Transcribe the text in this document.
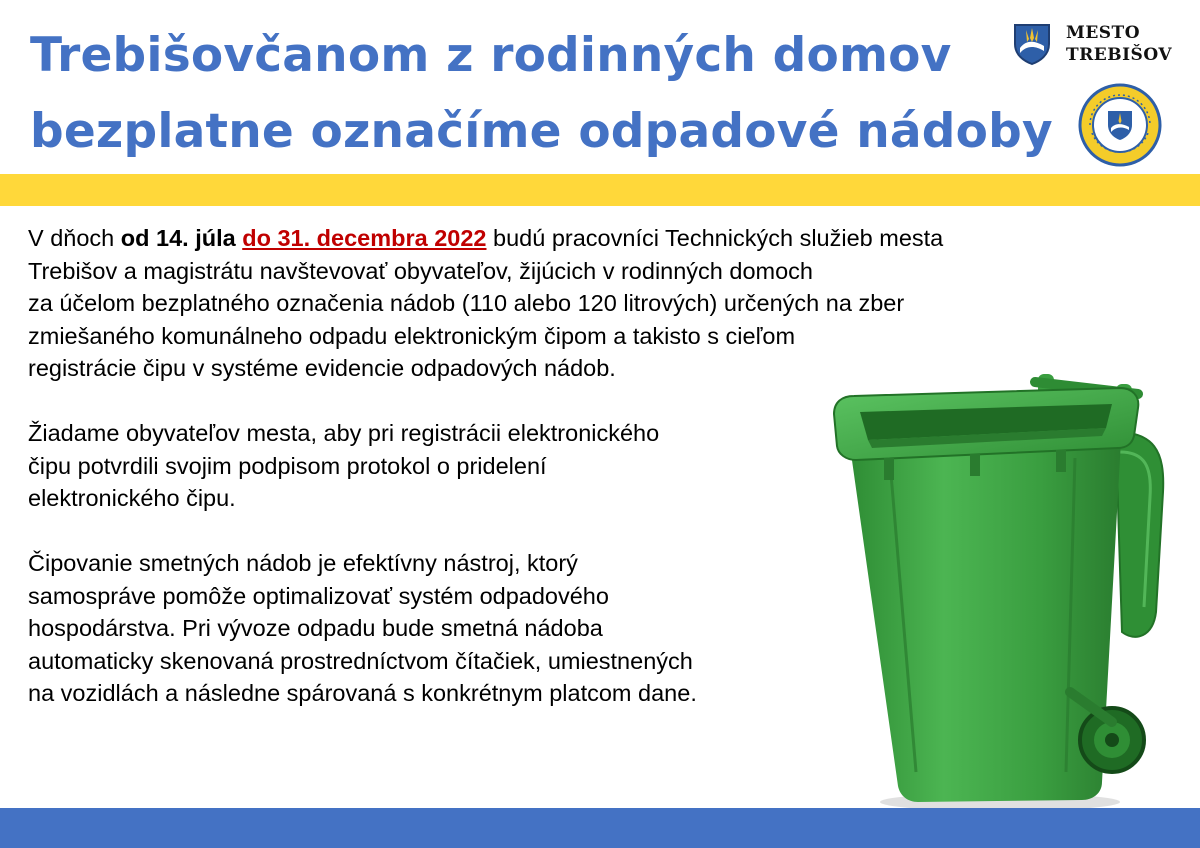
Trebišovčanom z rodinných domov
bezplatne označíme odpadové nádoby
MESTO
TREBIŠOV

V dňoch od 14. júla do 31. decembra 2022 budú pracovníci Technických služieb mesta
Trebišov a magistrátu navštevovať obyvateľov, žijúcich v rodinných domoch
za účelom bezplatného označenia nádob (110 alebo 120 litrových) určených na zber
zmiešaného komunálneho odpadu elektronickým čipom a takisto s cieľom
registrácie čipu v systéme evidencie odpadových nádob.

Žiadame obyvateľov mesta, aby pri registrácii elektronického
čipu potvrdili svojim podpisom protokol o pridelení
elektronického čipu.

Čipovanie smetných nádob je efektívny nástroj, ktorý
samospráve pomôže optimalizovať systém odpadového
hospodárstva. Pri vývoze odpadu bude smetná nádoba
automaticky skenovaná prostredníctvom čítačiek, umiestnených
na vozidlách a následne spárovaná s konkrétnym platcom dane.
